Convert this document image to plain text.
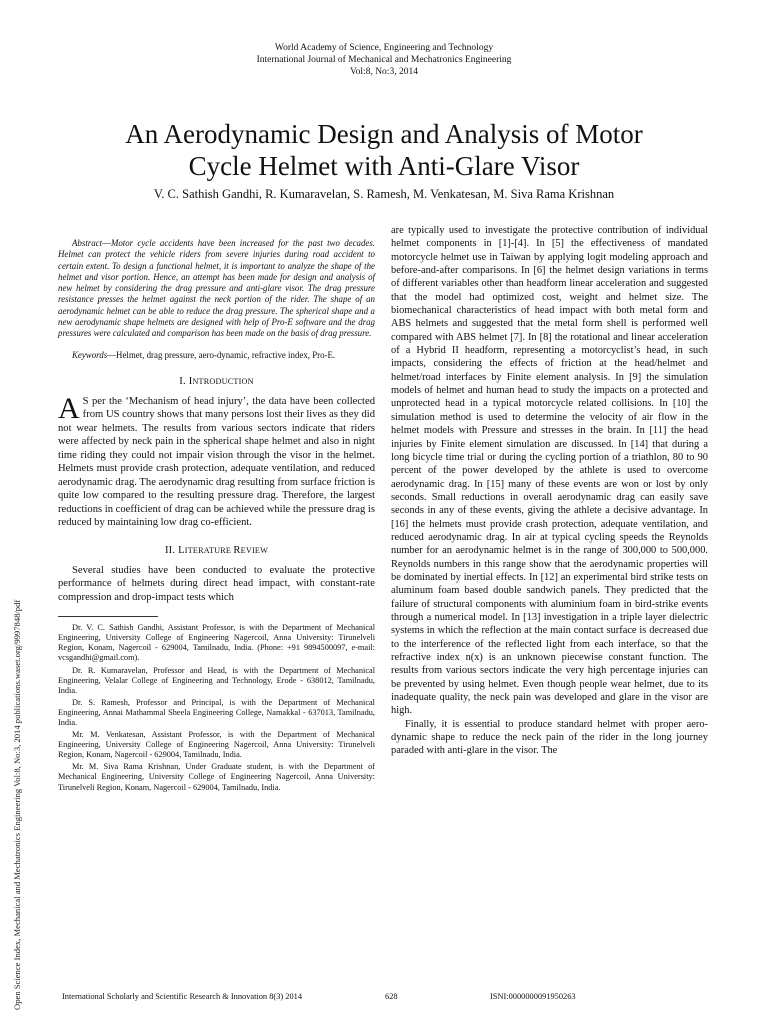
World Academy of Science, Engineering and Technology
International Journal of Mechanical and Mechatronics Engineering
Vol:8, No:3, 2014
An Aerodynamic Design and Analysis of Motor
Cycle Helmet with Anti-Glare Visor
V. C. Sathish Gandhi, R. Kumaravelan, S. Ramesh, M. Venkatesan, M. Siva Rama Krishnan
Open Science Index, Mechanical and Mechatronics Engineering Vol:8, No:3, 2014 publications.waset.org/9997848/pdf

Abstract—Motor cycle accidents have been increased for the past two decades. Helmet can protect the vehicle riders from severe injuries during road accident to certain extent. To design a functional helmet, it is important to analyze the shape of the helmet and visor portion. Hence, an attempt has been made for design and analysis of new helmet by considering the drag pressure and anti-glare visor. The drag pressure resistance presses the helmet against the neck portion of the rider. The shape of an aerodynamic helmet can be able to reduce the drag pressure. The spherical shape and a new aerodynamic shape helmets are designed with help of Pro-E software and the drag pressures were calculated and comparison has been made on the basis of drag pressure.

Keywords—Helmet, drag pressure, aero-dynamic, refractive index, Pro-E.

I. INTRODUCTION

A S per the ‘Mechanism of head injury’, the data have been collected from US country shows that many persons lost their lives as they did not wear helmets. The results from various sectors indicate that riders were affected by neck pain in the spherical shape helmet and also in night time riding they could not impair vision through the visor in the helmet. Helmets must provide crash protection, adequate ventilation, and reduced aerodynamic drag. The aerodynamic drag resulting from surface friction is quite low compared to the resulting pressure drag. Therefore, the largest reductions in coefficient of drag can be achieved while the pressure drag is reduced by maintaining low drag co-efficient.

II. LITERATURE REVIEW

Several studies have been conducted to evaluate the protective performance of helmets during direct head impact, with constant-rate compression and drop-impact tests which

Dr. V. C. Sathish Gandhi, Assistant Professor, is with the Department of Mechanical Engineering, University College of Engineering Nagercoil, Anna University: Tirunelveli Region, Konam, Nagercoil - 629004, Tamilnadu, India. (Phone: +91 9894500097, e-mail: vcsgandhi@gmail.com).

Dr. R. Kumaravelan, Professor and Head, is with the Department of Mechanical Engineering, Velalar College of Engineering and Technology, Erode - 638012, Tamilnadu, India.

Dr. S. Ramesh, Professor and Principal, is with the Department of Mechanical Engineering, Annai Mathammal Sheela Engineering College, Namakkal - 637013, Tamilnadu, India.

Mr. M. Venkatesan, Assistant Professor, is with the Department of Mechanical Engineering, University College of Engineering Nagercoil, Anna University: Tirunelveli Region, Konam, Nagercoil - 629004, Tamilnadu, India.

Mr. M. Siva Rama Krishnan, Under Graduate student, is with the Department of Mechanical Engineering, University College of Engineering Nagercoil, Anna University: Tirunelveli Region, Konam, Nagercoil - 629004, Tamilnadu, India.

are typically used to investigate the protective contribution of individual helmet components in [1]-[4]. In [5] the effectiveness of mandated motorcycle helmet use in Taiwan by applying logit modeling approach and before-and-after comparisons. In [6] the helmet design variations in terms of different variables other than headform linear acceleration and suggested that the model had optimized cost, weight and helmet size. The biomechanical characteristics of head impact with both metal form and ABS helmets and suggested that the metal form shell is performed well compared with ABS helmet [7]. In [8] the rotational and linear acceleration of a Hybrid II headform, representing a motorcyclist’s head, in such impacts, considering the effects of friction at the head/helmet and helmet/road interfaces by Finite element analysis. In [9] the simulation models of helmet and human head to study the impacts on a protected and unprotected head in a typical motorcycle related collisions. In [10] the simulation method is used to determine the velocity of air flow in the helmet models with Pressure and stresses in the brain. In [11] the head injuries by Finite element simulation are discussed. In [14] that during a long bicycle time trial or during the cycling portion of a triathlon, 80 to 90 percent of the power developed by the athlete is used to overcome aerodynamic drag. In [15] many of these events are won or lost by only seconds. Small reductions in overall aerodynamic drag can easily save seconds in any of these events, giving the athlete a decisive advantage. In [16] the helmets must provide crash protection, adequate ventilation, and reduced aerodynamic drag. In air at typical cycling speeds the Reynolds number for an aerodynamic helmet is in the range of 300,000 to 500,000. Reynolds numbers in this range show that the aerodynamic properties will be dominated by inertial effects. In [12] an experimental bird strike tests on aluminum foam based double sandwich panels. They predicted that the failure of structural components with aluminium foam in bird-strike events through a numerical model. In [13] investigation in a triple layer dielectric systems in which the reflection at the main contact surface is decreased due to the interference of the reflected light from each interface, so that the refractive index n(x) is an unknown piecewise constant function. The results from various sectors indicate the very high percentage injuries can be prevented by using helmet. Even though people wear helmet, due to its inadequate quality, the neck pain was developed and glare in the visor are high.

Finally, it is essential to produce standard helmet with proper aero-dynamic shape to reduce the neck pain of the rider in the long journey paraded with anti-glare in the visor. The

International Scholarly and Scientific Research & Innovation 8(3) 2014	628	ISNI:0000000091950263
